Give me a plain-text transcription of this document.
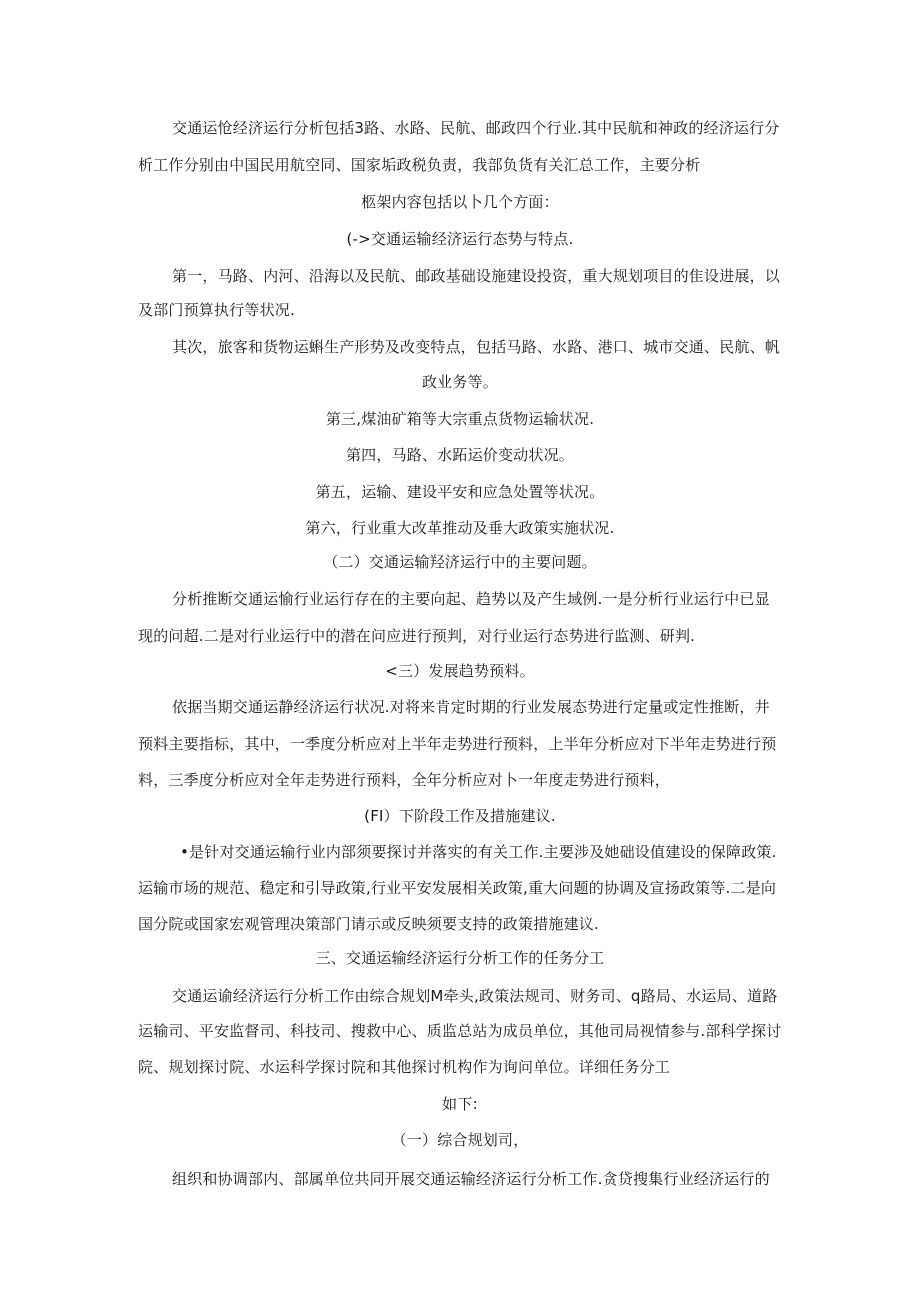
交通运怆经济运行分析包括3路、水路、民航、邮政四个行业.其中民航和神政的经济运行分
析工作分别由中国民用航空同、国家垢政税负责，我部负货有关汇总工作，主要分析
柩架内容包括以卜几个方面：
(->交通运输经济运行态势与特点.
第一，马路、内河、沿海以及民航、邮政基础设施建设投资，重大规划项目的隹设进展，以
及部门预算执行等状况.
其次，旅客和货物运蝌生产形势及改变特点，包括马路、水路、港口、城市交通、民航、帆
政业务等。
第三,煤油矿箱等大宗重点货物运输状况.
第四，马路、水跖运价变动状况。
第五，运输、建设平安和应急处置等状况。
第六，行业重大改革推动及垂大政策实施状况.
（二）交通运输羟济运行中的主要问题。
分析推断交通运愉行业运行存在的主要向起、趋势以及产生域例.一是分析行业运行中已显
现的问超.二是对行业运行中的潜在问应进行预判，对行业运行态势进行监测、研判.
<三）发展趋势预料。
依据当期交通运静经济运行状况.对将来肯定时期的行业发展态势进行定量或定性推断，井
预料主要指标，其中，一季度分析应对上半年走势进行预料，上半年分析应对下半年走势进行预
料，三季度分析应对全年走势进行预料，全年分析应对卜一年度走势进行预料，
(FI）下阶段工作及措施建议.
•是针对交通运输行业内部须要探讨并落实的有关工作.主要涉及她础设值建设的保障政策.
运输市场的规范、稳定和引导政策,行业平安发展相关政策,重大问题的协调及宣扬政策等.二是向
国分院或国家宏观管理决策部门请示或反映须要支持的政策措施建议.
三、交通运输经济运行分析工作的任务分工
交通运谕经济运行分析工作由综合规划M牵头,政策法规司、财务司、q路局、水运局、道路
运输司、平安监督司、科技司、搜救中心、质监总站为成员单位，其他司局视情参与.部科学探讨
院、规划探讨院、水运科学探讨院和其他探讨机构作为询问单位。详细任务分工
如下:
（一）综合规划司，
组织和协调部内、部属单位共同开展交通运输经济运行分析工作.贪贷搜集行业经济运行的
